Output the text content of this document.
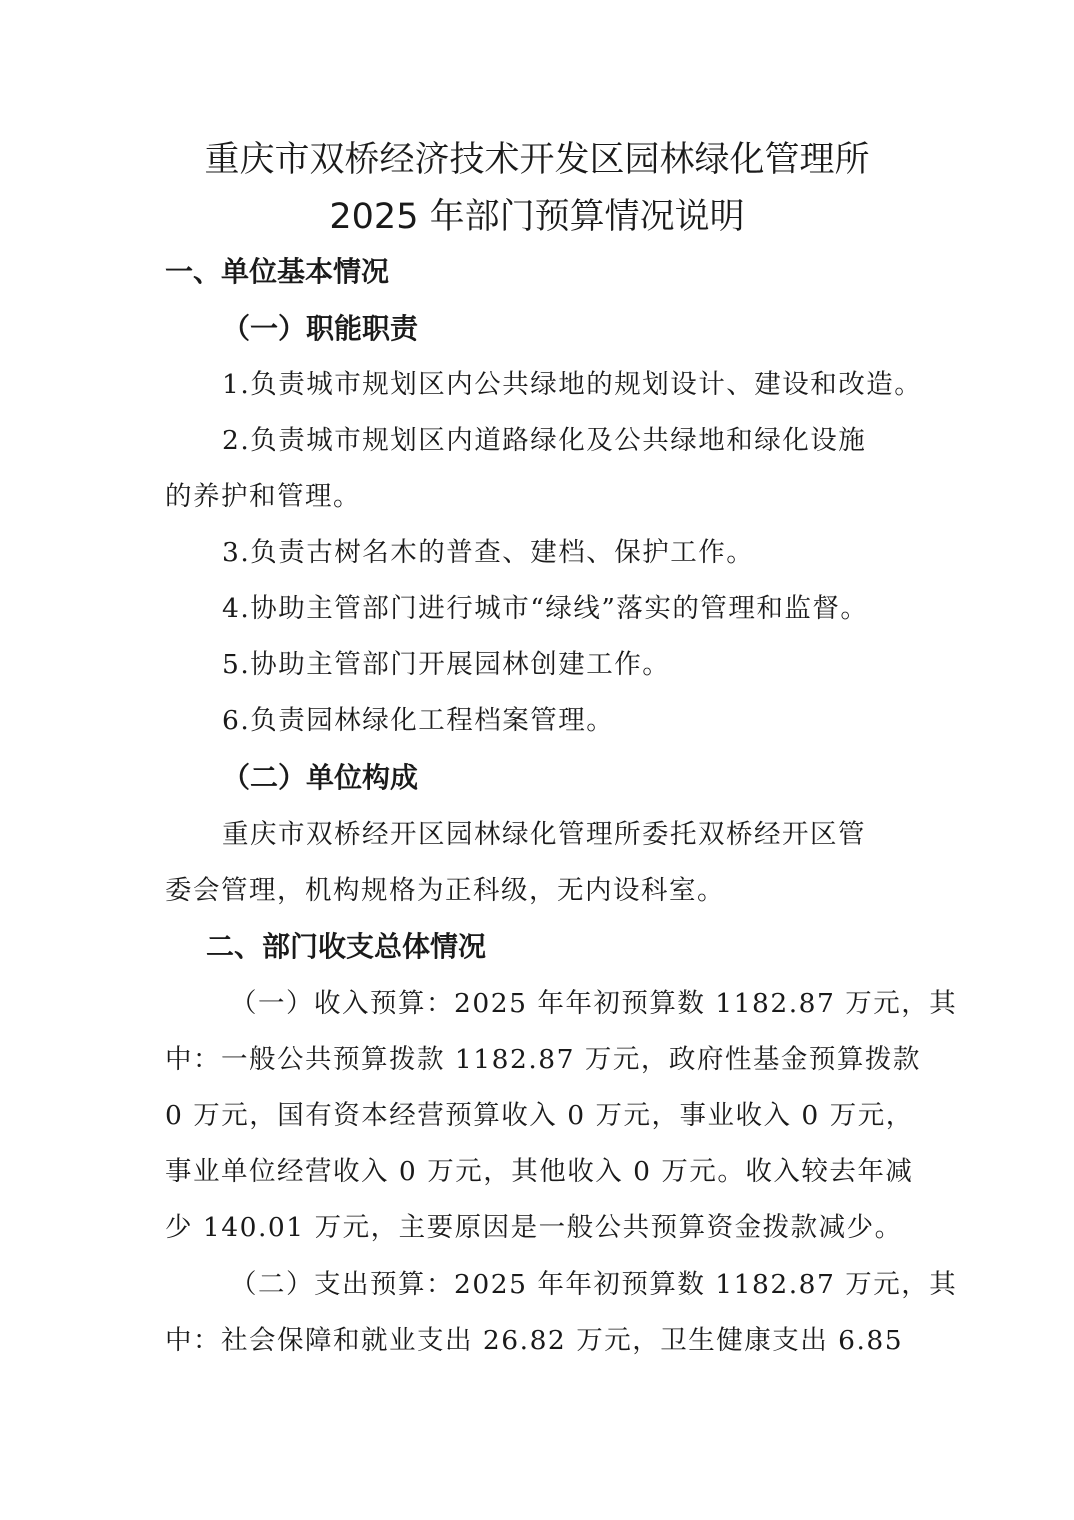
重庆市双桥经济技术开发区园林绿化管理所
2025 年部门预算情况说明
一、单位基本情况
（一）职能职责
1.负责城市规划区内公共绿地的规划设计、建设和改造。
2.负责城市规划区内道路绿化及公共绿地和绿化设施
的养护和管理。
3.负责古树名木的普查、建档、保护工作。
4.协助主管部门进行城市“绿线”落实的管理和监督。
5.协助主管部门开展园林创建工作。
6.负责园林绿化工程档案管理。
（二）单位构成
重庆市双桥经开区园林绿化管理所委托双桥经开区管
委会管理，机构规格为正科级，无内设科室。
二、部门收支总体情况
（一）收入预算：2025 年年初预算数 1182.87 万元，其
中：一般公共预算拨款 1182.87 万元，政府性基金预算拨款
0 万元，国有资本经营预算收入 0 万元，事业收入 0 万元，
事业单位经营收入 0 万元，其他收入 0 万元。收入较去年减
少 140.01 万元，主要原因是一般公共预算资金拨款减少。
（二）支出预算：2025 年年初预算数 1182.87 万元，其
中：社会保障和就业支出 26.82 万元，卫生健康支出 6.85
